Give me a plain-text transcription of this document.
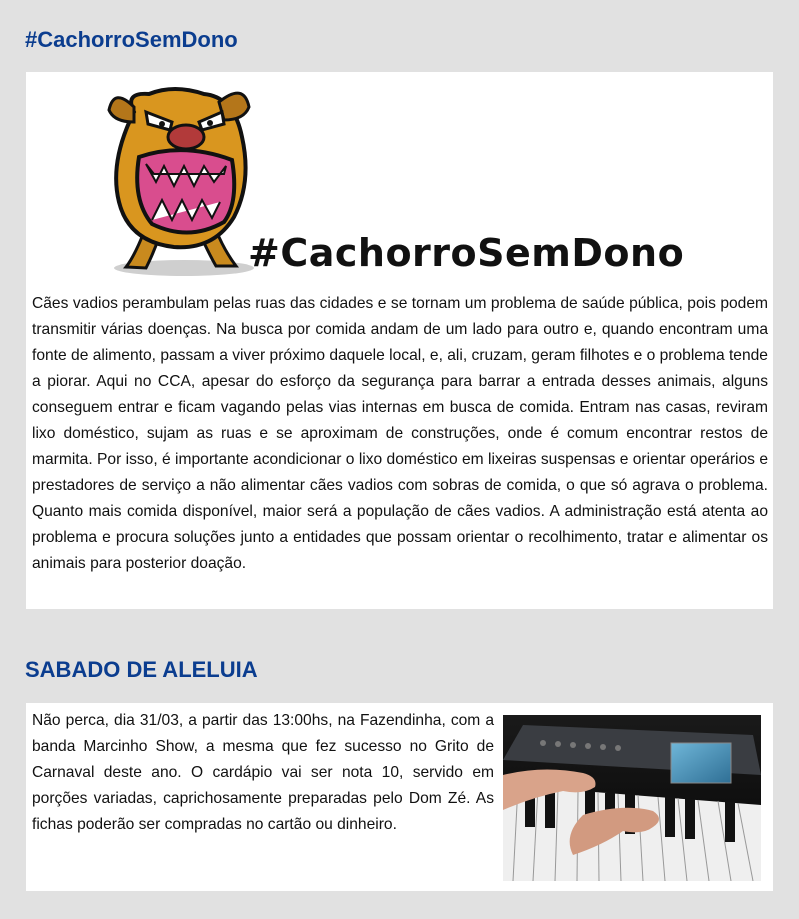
#CachorroSemDono
#CachorroSemDono

Cães vadios perambulam pelas ruas das cidades e se tornam um problema de saúde pública, pois podem transmitir várias doenças. Na busca por comida andam de um lado para outro e, quando encontram uma fonte de alimento, passam a viver próximo daquele local, e, ali, cruzam, geram filhotes e o problema tende a piorar. Aqui no CCA, apesar do esforço da segurança para barrar a entrada desses animais, alguns conseguem entrar e ficam vagando pelas vias internas em busca de comida. Entram nas casas, reviram lixo doméstico, sujam as ruas e se aproximam de construções, onde é comum encontrar restos de marmita. Por isso, é importante acondicionar o lixo doméstico em lixeiras suspensas e orientar operários e prestadores de serviço a não alimentar cães vadios com sobras de comida, o que só agrava o problema. Quanto mais comida disponível, maior será a população de cães vadios. A administração está atenta ao problema e procura soluções junto a entidades que possam orientar o recolhimento, tratar e alimentar os animais para posterior doação.

SABADO DE ALELUIA

Não perca, dia 31/03, a partir das 13:00hs, na Fazendinha, com a banda Marcinho Show, a mesma que fez sucesso no Grito de Carnaval deste ano. O cardápio vai ser nota 10, servido em porções variadas, caprichosamente preparadas pelo Dom Zé. As fichas poderão ser compradas no cartão ou dinheiro.
